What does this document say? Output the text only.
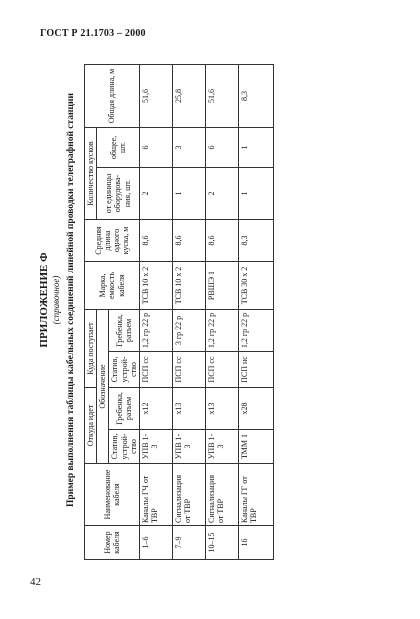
ГОСТ Р 21.1703 – 2000
ПРИЛОЖЕНИЕ Ф (справочное) Пример выполнения таблицы кабельных соединений линейной проводки телеграфной станции
Номер кабеля	Наименование кабеля	Откуда идет		Куда поступает		Марка, емкость кабеля	Средняя длина одного куска, м	Количество кусков		Общая длина, м
		Обозначение						от единицы оборудова-ния, шт.	общее, шт.	
		Статив, устрой-ство	Гребенка, разъем	Статив, устрой-ство	Гребенка, разъем					
1–6	Каналы ГЧ от ТВР	УПВ 1-3	х12	ПСП сс	1,2 гр 22 р	ТСВ 10 х 2	8,6	2	6	51,6
7–9	Сигнализация от ТВР	УПВ 1-3	х13	ПСП сс	3 гр 22 р	ТСВ 10 х 2	8,6	1	3	25,8
10–15	Сигнализация от ТВР	УПВ 1-3	х13	ПСП сс	1,2 гр 22 р	РВШЭ 1	8,6	2	6	51,6
16	Каналы ГГ от ТВР	ТММ 1	х28	ПСП нс	1,2 гр 22 р	ТСВ 30 х 2	8,3	1	1	8,3
42
